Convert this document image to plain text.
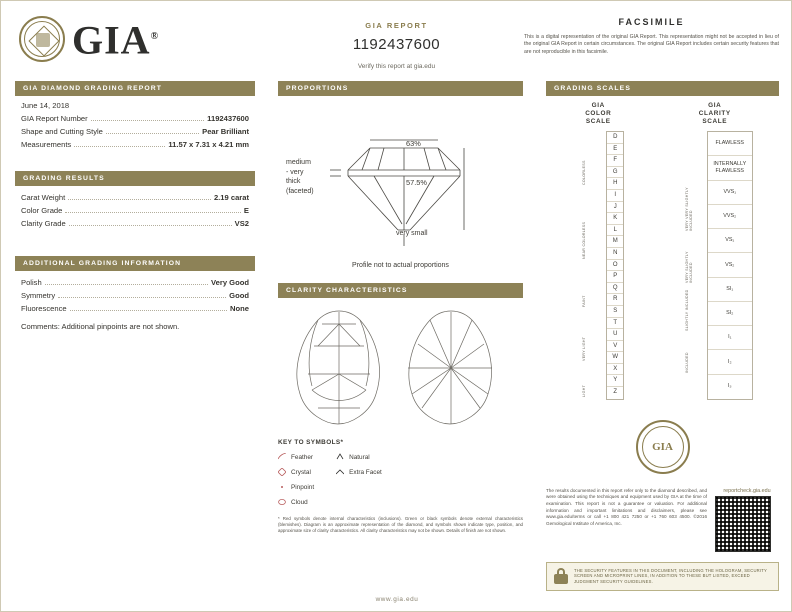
GIA®
GIA REPORT
1192437600
Verify this report at gia.edu
FACSIMILE
This is a digital representation of the original GIA Report. This representation might not be accepted in lieu of the original GIA Report in certain circumstances. The original GIA Report includes certain security features that are not reproducible in this facsimile.
GIA DIAMOND GRADING REPORT
June 14, 2018
GIA Report Number	1192437600
Shape and Cutting Style	Pear Brilliant
Measurements	11.57 x 7.31 x 4.21 mm
GRADING RESULTS
Carat Weight	2.19 carat
Color Grade	E
Clarity Grade	VS2
ADDITIONAL GRADING INFORMATION
Polish	Very Good
Symmetry	Good
Fluorescence	None
Comments: Additional pinpoints are not shown.
PROPORTIONS
63%
57.5%
medium
- very
thick
(faceted)
very small
Profile not to actual proportions
CLARITY CHARACTERISTICS
KEY TO SYMBOLS*
Feather
Crystal
Pinpoint
Cloud
Natural
Extra Facet
* Red symbols denote internal characteristics (inclusions). Green or black symbols denote external characteristics (blemishes). Diagram is an approximate representation of the diamond, and symbols shown indicate type, position, and approximate size of clarity characteristics. All clarity characteristics may not be shown. Details of finish are not shown.
GRADING SCALES
GIA
COLOR
SCALE
COLORLESS
NEAR COLORLESS
FAINT
VERY LIGHT
LIGHT
D
E
F
G
H
I
J
K
L
M
N
O
P
Q
R
S
T
U
V
W
X
Y
Z
GIA
CLARITY
SCALE
VERY VERY SLIGHTLY INCLUDED
VERY SLIGHTLY INCLUDED
SLIGHTLY INCLUDED
INCLUDED
FLAWLESS
INTERNALLY FLAWLESS
VVS₁
VVS₂
VS₁
VS₂
SI₁
SI₂
I₁
I₂
I₃
GIA
The results documented in this report refer only to the diamond described, and were obtained using the techniques and equipment used by GIA at the time of examination. This report is not a guarantee or valuation. For additional information and important limitations and disclaimers, please see www.gia.edu/terms or call +1 800 421 7250 or +1 760 603 4500. ©2016 Gemological Institute of America, Inc.
reportcheck.gia.edu
THE SECURITY FEATURES IN THIS DOCUMENT, INCLUDING THE HOLOGRAM, SECURITY SCREEN AND MICROPRINT LINES, IN ADDITION TO THESE BUT LISTED, EXCEED JUDGMENT SECURITY GUIDELINES.
www.gia.edu
